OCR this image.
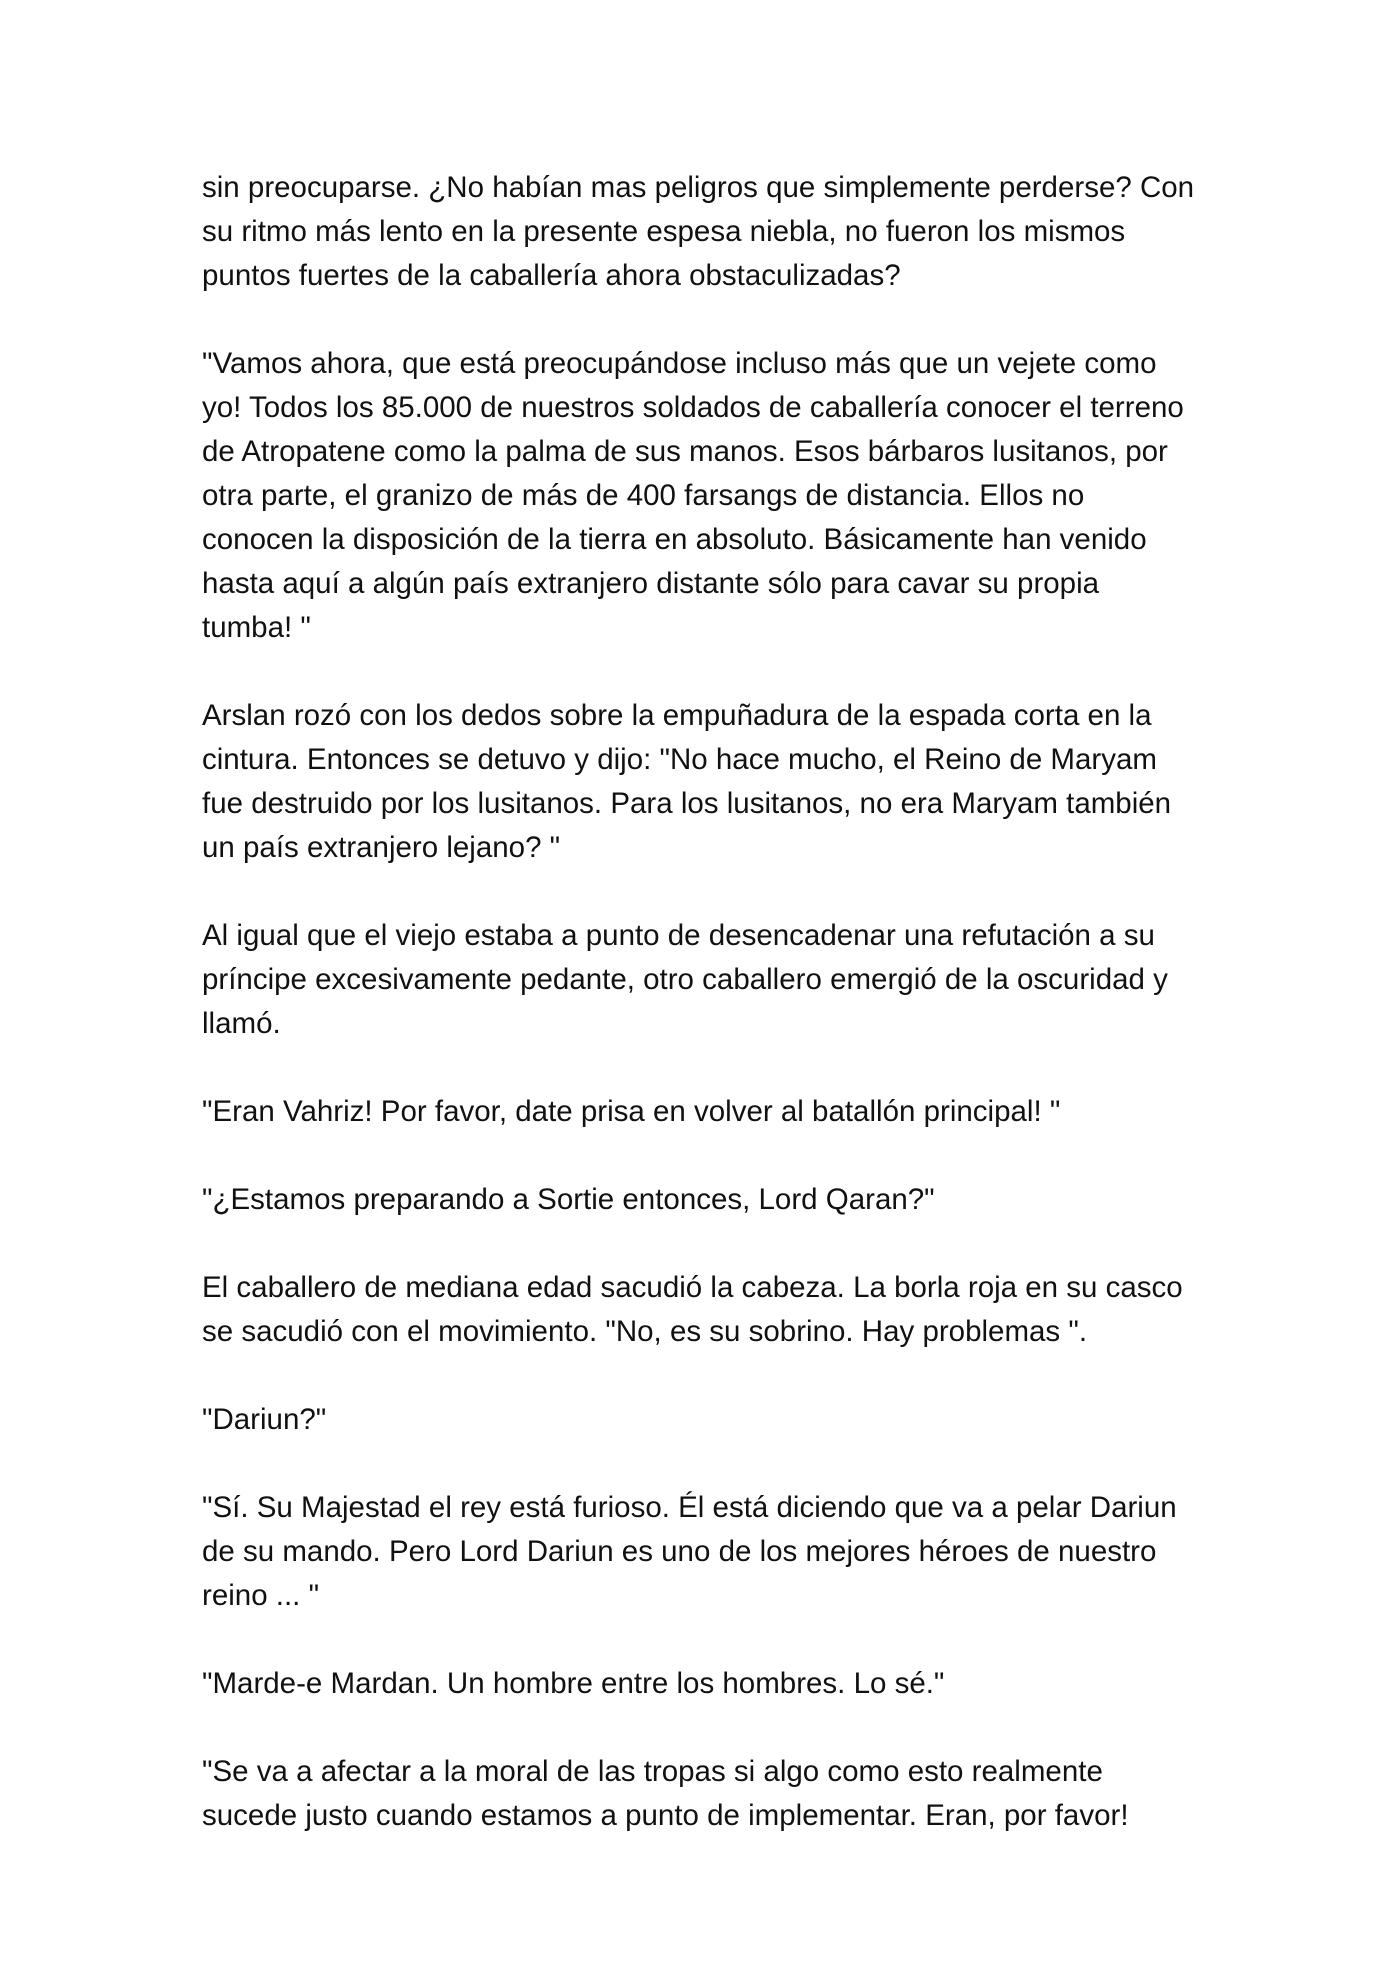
sin preocuparse. ¿No habían mas peligros que simplemente perderse? Con
su ritmo más lento en la presente espesa niebla, no fueron los mismos
puntos fuertes de la caballería ahora obstaculizadas?

"Vamos ahora, que está preocupándose incluso más que un vejete como
yo! Todos los 85.000 de nuestros soldados de caballería conocer el terreno
de Atropatene como la palma de sus manos. Esos bárbaros lusitanos, por
otra parte, el granizo de más de 400 farsangs de distancia. Ellos no
conocen la disposición de la tierra en absoluto. Básicamente han venido
hasta aquí a algún país extranjero distante sólo para cavar su propia
tumba! "

Arslan rozó con los dedos sobre la empuñadura de la espada corta en la
cintura. Entonces se detuvo y dijo: "No hace mucho, el Reino de Maryam
fue destruido por los lusitanos. Para los lusitanos, no era Maryam también
un país extranjero lejano? "

Al igual que el viejo estaba a punto de desencadenar una refutación a su
príncipe excesivamente pedante, otro caballero emergió de la oscuridad y
llamó.

"Eran Vahriz! Por favor, date prisa en volver al batallón principal! "

"¿Estamos preparando a Sortie entonces, Lord Qaran?"

El caballero de mediana edad sacudió la cabeza. La borla roja en su casco
se sacudió con el movimiento. "No, es su sobrino. Hay problemas ".

"Dariun?"

"Sí. Su Majestad el rey está furioso. Él está diciendo que va a pelar Dariun
de su mando. Pero Lord Dariun es uno de los mejores héroes de nuestro
reino ... "

"Marde-e Mardan. Un hombre entre los hombres. Lo sé."

"Se va a afectar a la moral de las tropas si algo como esto realmente
sucede justo cuando estamos a punto de implementar. Eran, por favor!
